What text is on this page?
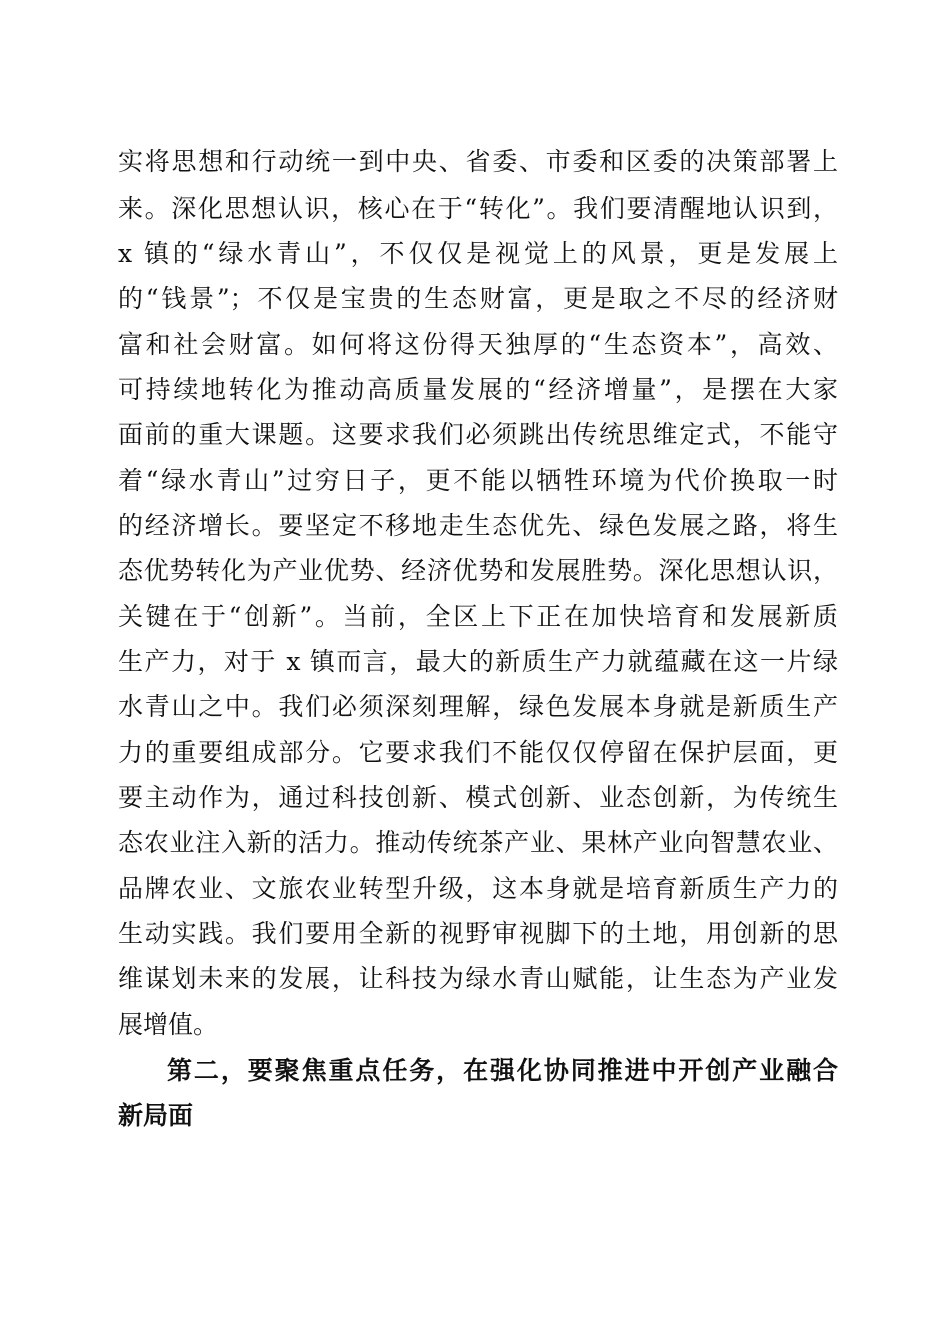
实将思想和行动统一到中央、省委、市委和区委的决策部署上
来。深化思想认识，核心在于“转化”。我们要清醒地认识到，
x 镇的“绿水青山”，不仅仅是视觉上的风景，更是发展上
的“钱景”；不仅是宝贵的生态财富，更是取之不尽的经济财
富和社会财富。如何将这份得天独厚的“生态资本”，高效、
可持续地转化为推动高质量发展的“经济增量”，是摆在大家
面前的重大课题。这要求我们必须跳出传统思维定式，不能守
着“绿水青山”过穷日子，更不能以牺牲环境为代价换取一时
的经济增长。要坚定不移地走生态优先、绿色发展之路，将生
态优势转化为产业优势、经济优势和发展胜势。深化思想认识，
关键在于“创新”。当前，全区上下正在加快培育和发展新质
生产力，对于 x 镇而言，最大的新质生产力就蕴藏在这一片绿
水青山之中。我们必须深刻理解，绿色发展本身就是新质生产
力的重要组成部分。它要求我们不能仅仅停留在保护层面，更
要主动作为，通过科技创新、模式创新、业态创新，为传统生
态农业注入新的活力。推动传统茶产业、果林产业向智慧农业、
品牌农业、文旅农业转型升级，这本身就是培育新质生产力的
生动实践。我们要用全新的视野审视脚下的土地，用创新的思
维谋划未来的发展，让科技为绿水青山赋能，让生态为产业发
展增值。
第二，要聚焦重点任务，在强化协同推进中开创产业融合
新局面
